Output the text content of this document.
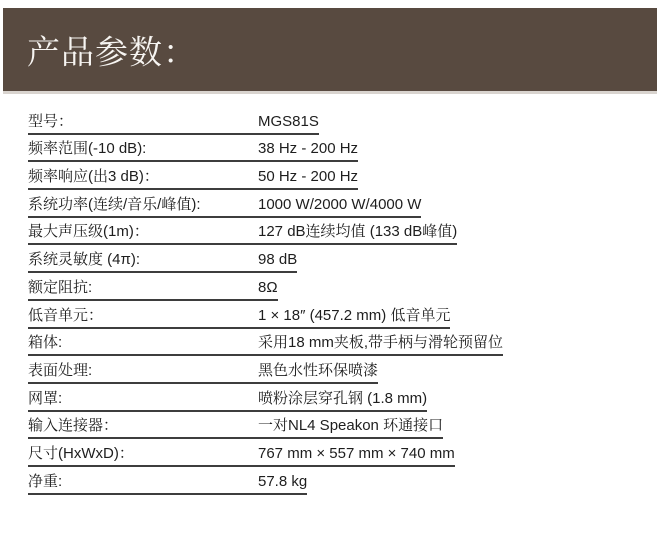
产品参数：
型号：	MGS81S
频率范围(-10 dB):	38 Hz - 200 Hz
频率响应(出3 dB)：	50 Hz - 200 Hz
系统功率(连续/音乐/峰值):	1000 W/2000 W/4000 W
最大声压级(1m)：	127 dB连续均值 (133 dB峰值)
系统灵敏度 (4π):	98 dB
额定阻抗:	8Ω
低音单元：	1 × 18″ (457.2 mm) 低音单元
箱体:	采用18 mm夹板,带手柄与滑轮预留位
表面处理:	黑色水性环保喷漆
网罩:	喷粉涂层穿孔钢 (1.8 mm)
输入连接器：	一对NL4 Speakon 环通接口
尺寸(HxWxD)：	767 mm × 557 mm × 740 mm
净重:	57.8 kg
